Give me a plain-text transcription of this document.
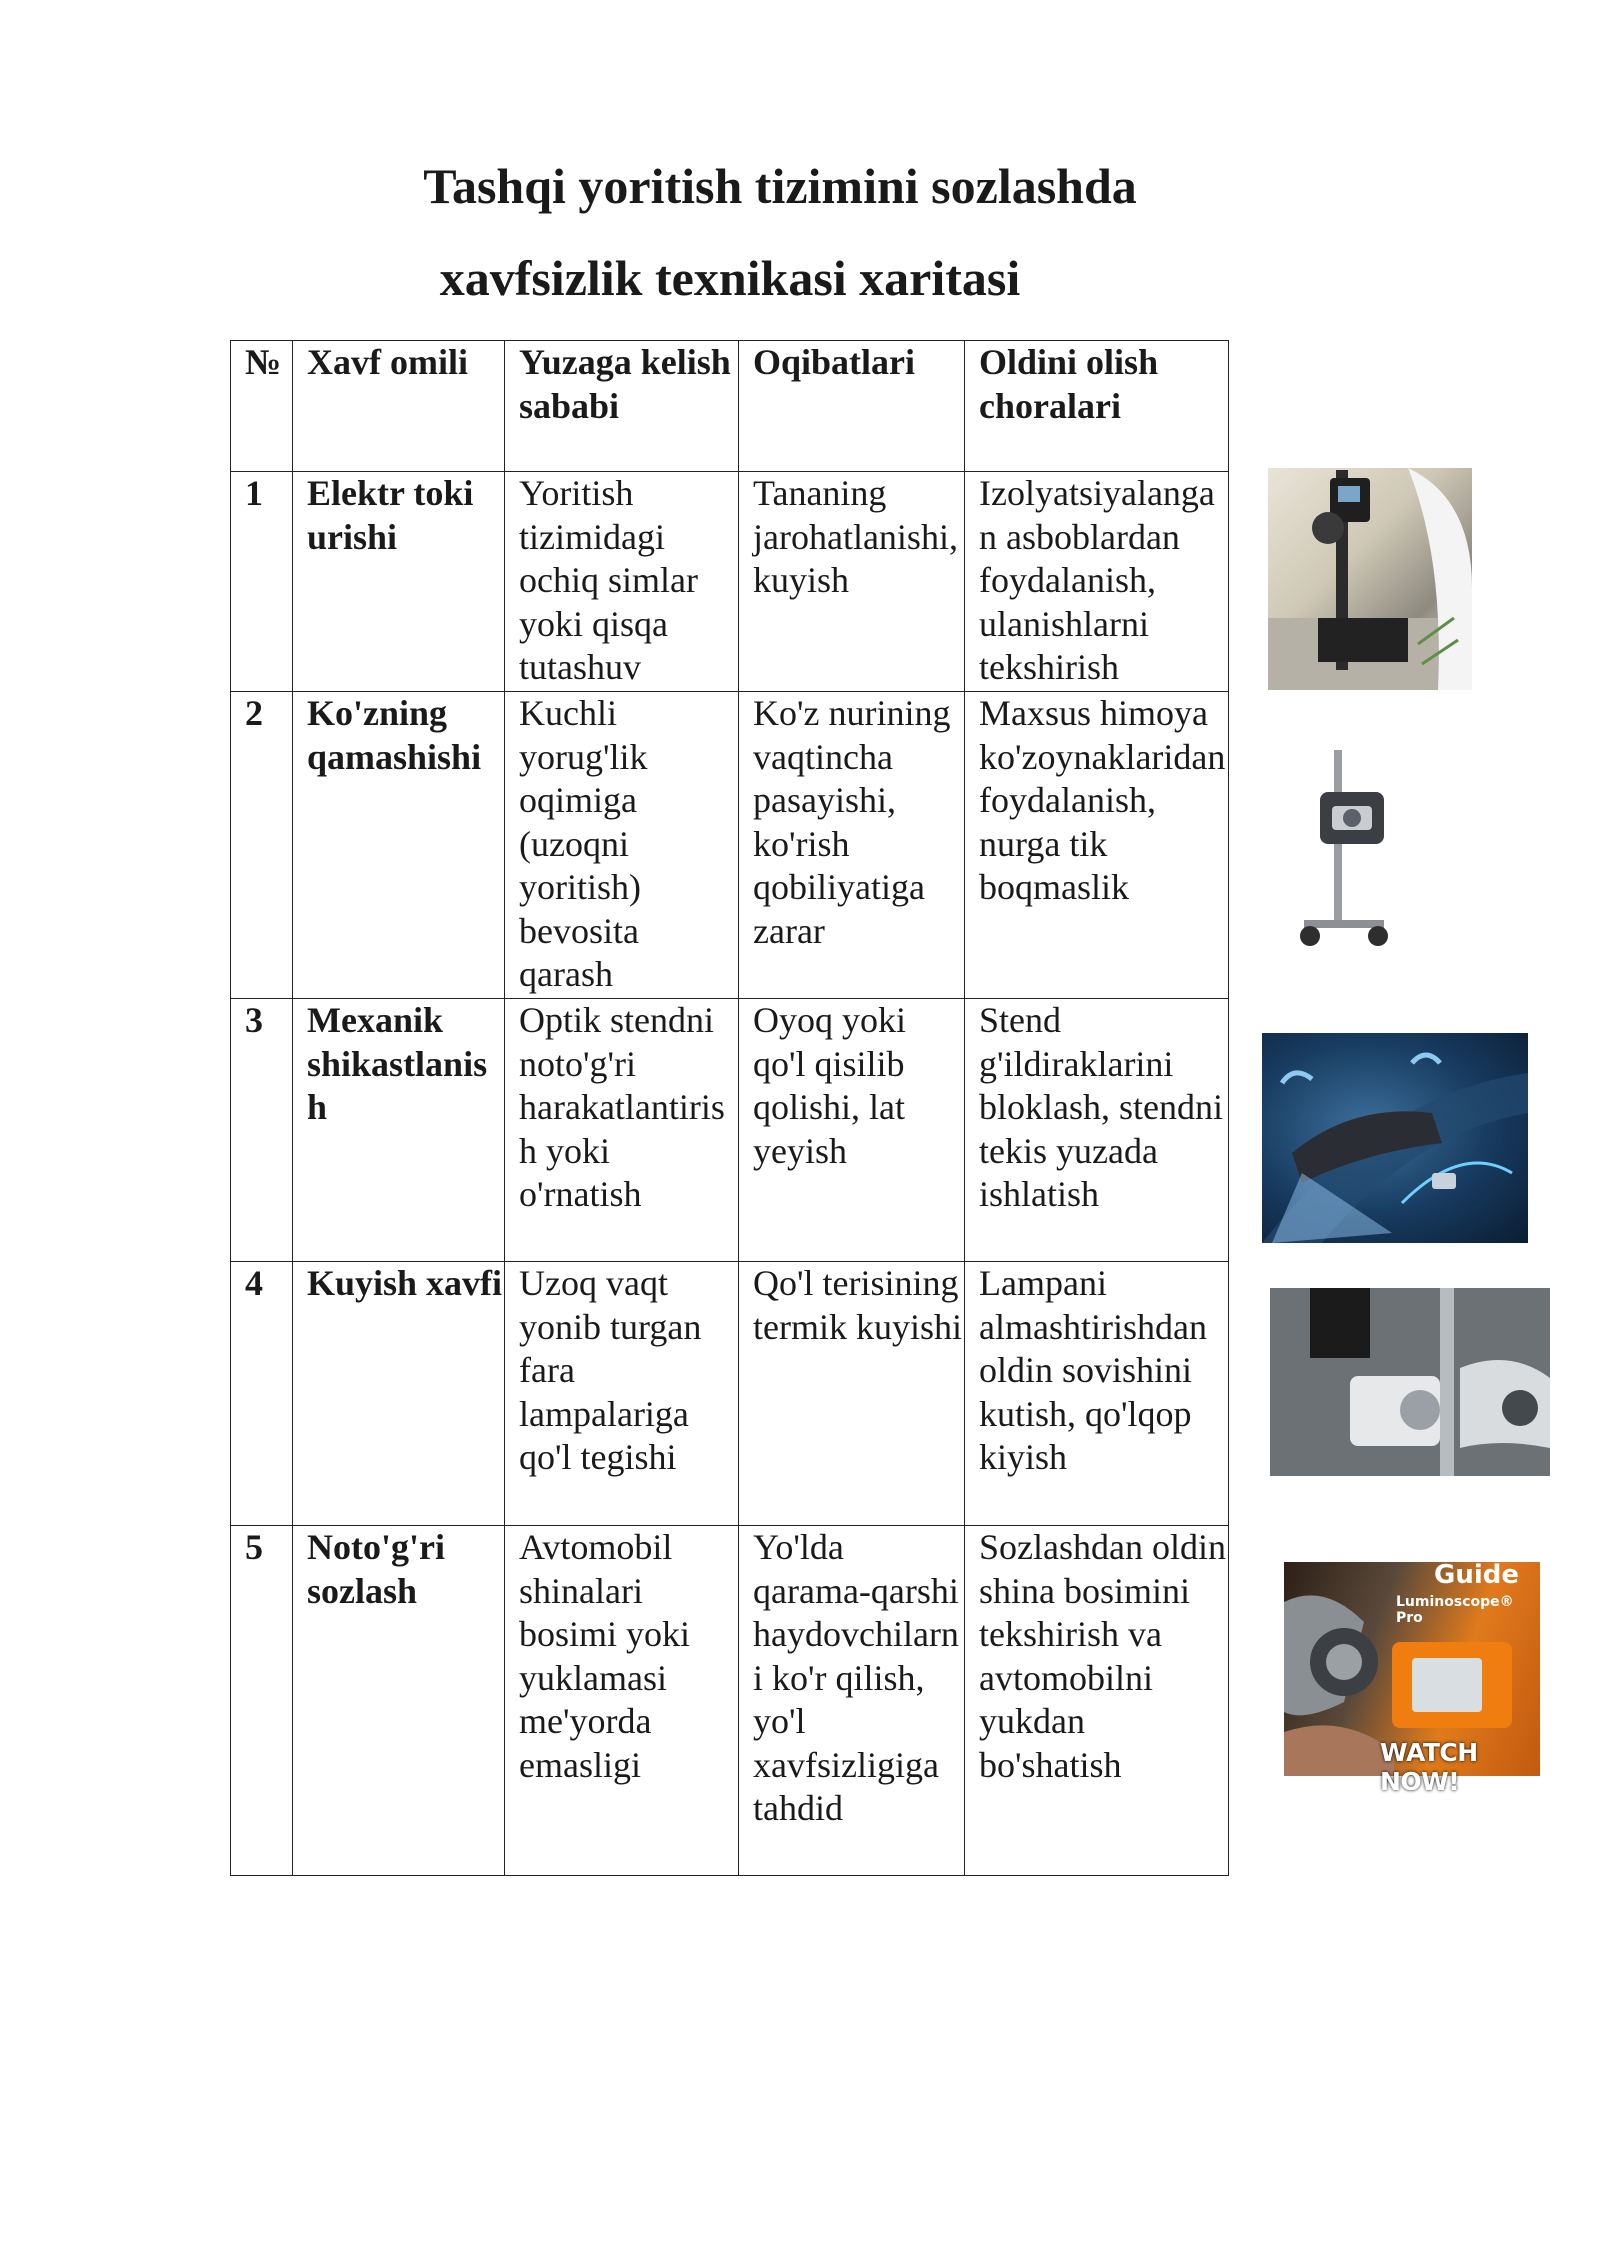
Tashqi yoritish tizimini sozlashda
xavfsizlik texnikasi xaritasi
№	Xavf omili	Yuzaga kelish sababi	Oqibatlari	Oldini olish choralari
1	Elektr toki urishi	Yoritish tizimidagi ochiq simlar yoki qisqa tutashuv	Tananing jarohatlanishi, kuyish	Izolyatsiyalangan asboblardan foydalanish, ulanishlarni tekshirish
2	Ko'zning qamashishi	Kuchli yorug'lik oqimiga (uzoqni yoritish) bevosita qarash	Ko'z nurining vaqtincha pasayishi, ko'rish qobiliyatiga zarar	Maxsus himoya ko'zoynaklaridan foydalanish, nurga tik boqmaslik
3	Mexanik shikastlanish	Optik stendni noto'g'ri harakatlantirish yoki o'rnatish	Oyoq yoki qo'l qisilib qolishi, lat yeyish	Stend g'ildiraklarini bloklash, stendni tekis yuzada ishlatish
4	Kuyish xavfi	Uzoq vaqt yonib turgan fara lampalariga qo'l tegishi	Qo'l terisining termik kuyishi	Lampani almashtirishdan oldin sovishini kutish, qo'lqop kiyish
5	Noto'g'ri sozlash	Avtomobil shinalari bosimi yoki yuklamasi me'yorda emasligi	Yo'lda qarama-qarshi haydovchilarni ko'r qilish, yo'l xavfsizligiga tahdid	Sozlashdan oldin shina bosimini tekshirish va avtomobilni yukdan bo'shatish
Guide
Luminoscope® Pro
WATCH NOW!
